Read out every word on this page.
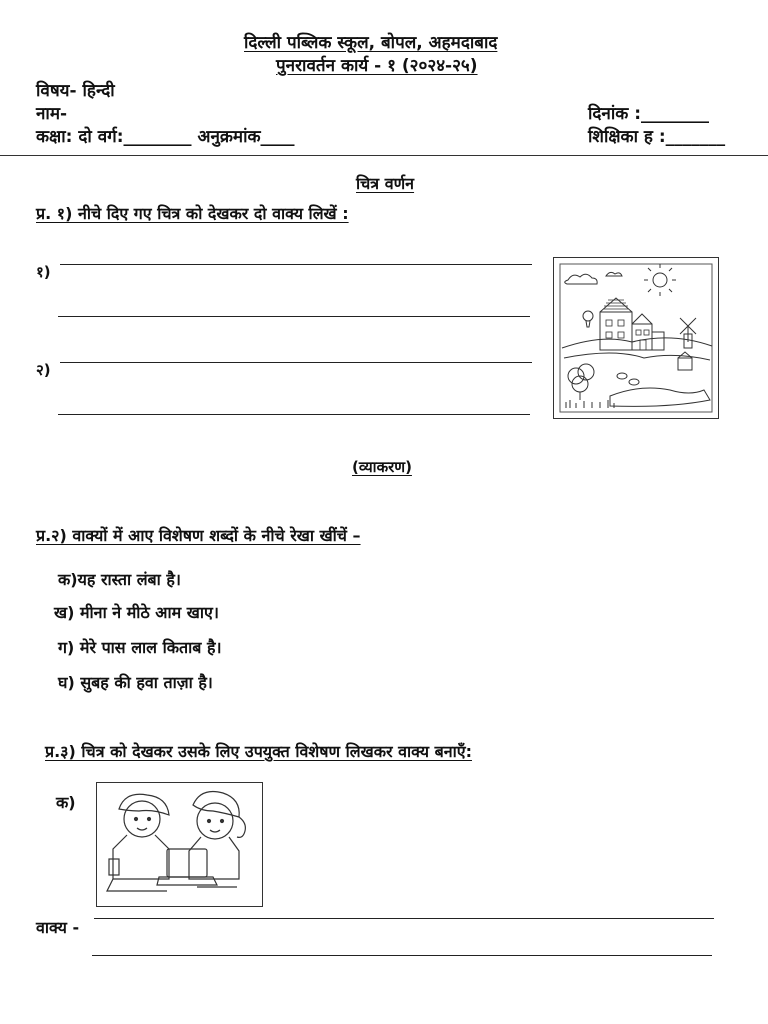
दिल्ली पब्लिक स्कूल, बोपल, अहमदाबाद
पुनरावर्तन कार्य - १ (२०२४-२५)
विषय- हिन्दी
नाम-	दिनांक :________
कक्षा: दो वर्ग:________ अनुक्रमांक____	शिक्षिका ह :_______
चित्र वर्णन
प्र. १) नीचे दिए गए चित्र को देखकर दो वाक्य लिखें :
१)
२)
(व्याकरण)
प्र.२) वाक्यों में आए विशेषण शब्दों के नीचे रेखा खींचें –
क)यह रास्ता लंबा है।
ख) मीना ने मीठे आम खाए।
ग) मेरे पास लाल किताब है।
घ) सुबह की हवा ताज़ा है।
प्र.३) चित्र को देखकर उसके लिए उपयुक्त विशेषण लिखकर वाक्य बनाएँ:
क)
वाक्य -
